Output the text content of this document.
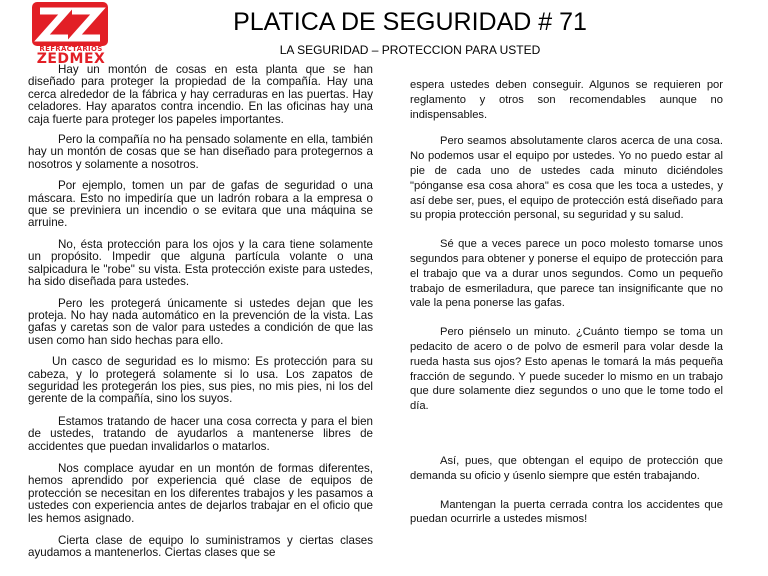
REFRACTARIOS
ZEDMEX
PLATICA DE SEGURIDAD # 71
LA SEGURIDAD – PROTECCION PARA USTED

Hay un montón de cosas en esta planta que se han diseñado para proteger la propiedad de la compañía. Hay una cerca alrededor de la fábrica y hay cerraduras en las puertas. Hay celadores. Hay aparatos contra incendio. En las oficinas hay una caja fuerte para proteger los papeles importantes.

Pero la compañía no ha pensado solamente en ella, también hay un montón de cosas que se han diseñado para protegernos a nosotros y solamente a nosotros.

Por ejemplo, tomen un par de gafas de seguridad o una máscara. Esto no impediría que un ladrón robara a la empresa o que se previniera un incendio o se evitara que una máquina se arruine.

No, ésta protección para los ojos y la cara tiene solamente un propósito. Impedir que alguna partícula volante o una salpicadura le "robe" su vista. Esta protección existe para ustedes, ha sido diseñada para ustedes.

Pero les protegerá únicamente si ustedes dejan que les proteja. No hay nada automático en la prevención de la vista. Las gafas y caretas son de valor para ustedes a condición de que las usen como han sido hechas para ello.

Un casco de seguridad es lo mismo: Es protección para su cabeza, y lo protegerá solamente si lo usa. Los zapatos de seguridad les protegerán los pies, sus pies, no mis pies, ni los del gerente de la compañía, sino los suyos.

Estamos tratando de hacer una cosa correcta y para el bien de ustedes, tratando de ayudarlos a mantenerse libres de accidentes que puedan invalidarlos o matarlos.

Nos complace ayudar en un montón de formas diferentes, hemos aprendido por experiencia qué clase de equipos de protección se necesitan en los diferentes trabajos y les pasamos a ustedes con experiencia antes de dejarlos trabajar en el oficio que les hemos asignado.

Cierta clase de equipo lo suministramos y ciertas clases ayudamos a mantenerlos. Ciertas clases que se

espera ustedes deben conseguir. Algunos se requieren por reglamento y otros son recomendables aunque no indispensables.

Pero seamos absolutamente claros acerca de una cosa. No podemos usar el equipo por ustedes. Yo no puedo estar al pie de cada uno de ustedes cada minuto diciéndoles "pónganse esa cosa ahora" es cosa que les toca a ustedes, y así debe ser, pues, el equipo de protección está diseñado para su propia protección personal, su seguridad y su salud.

Sé que a veces parece un poco molesto tomarse unos segundos para obtener y ponerse el equipo de protección para el trabajo que va a durar unos segundos. Como un pequeño trabajo de esmeriladura, que parece tan insignificante que no vale la pena ponerse las gafas.

Pero piénselo un minuto. ¿Cuánto tiempo se toma un pedacito de acero o de polvo de esmeril para volar desde la rueda hasta sus ojos? Esto apenas le tomará la más pequeña fracción de segundo. Y puede suceder lo mismo en un trabajo que dure solamente diez segundos o uno que le tome todo el día.

Así, pues, que obtengan el equipo de protección que demanda su oficio y úsenlo siempre que estén trabajando.

Mantengan la puerta cerrada contra los accidentes que puedan ocurrirle a ustedes mismos!
